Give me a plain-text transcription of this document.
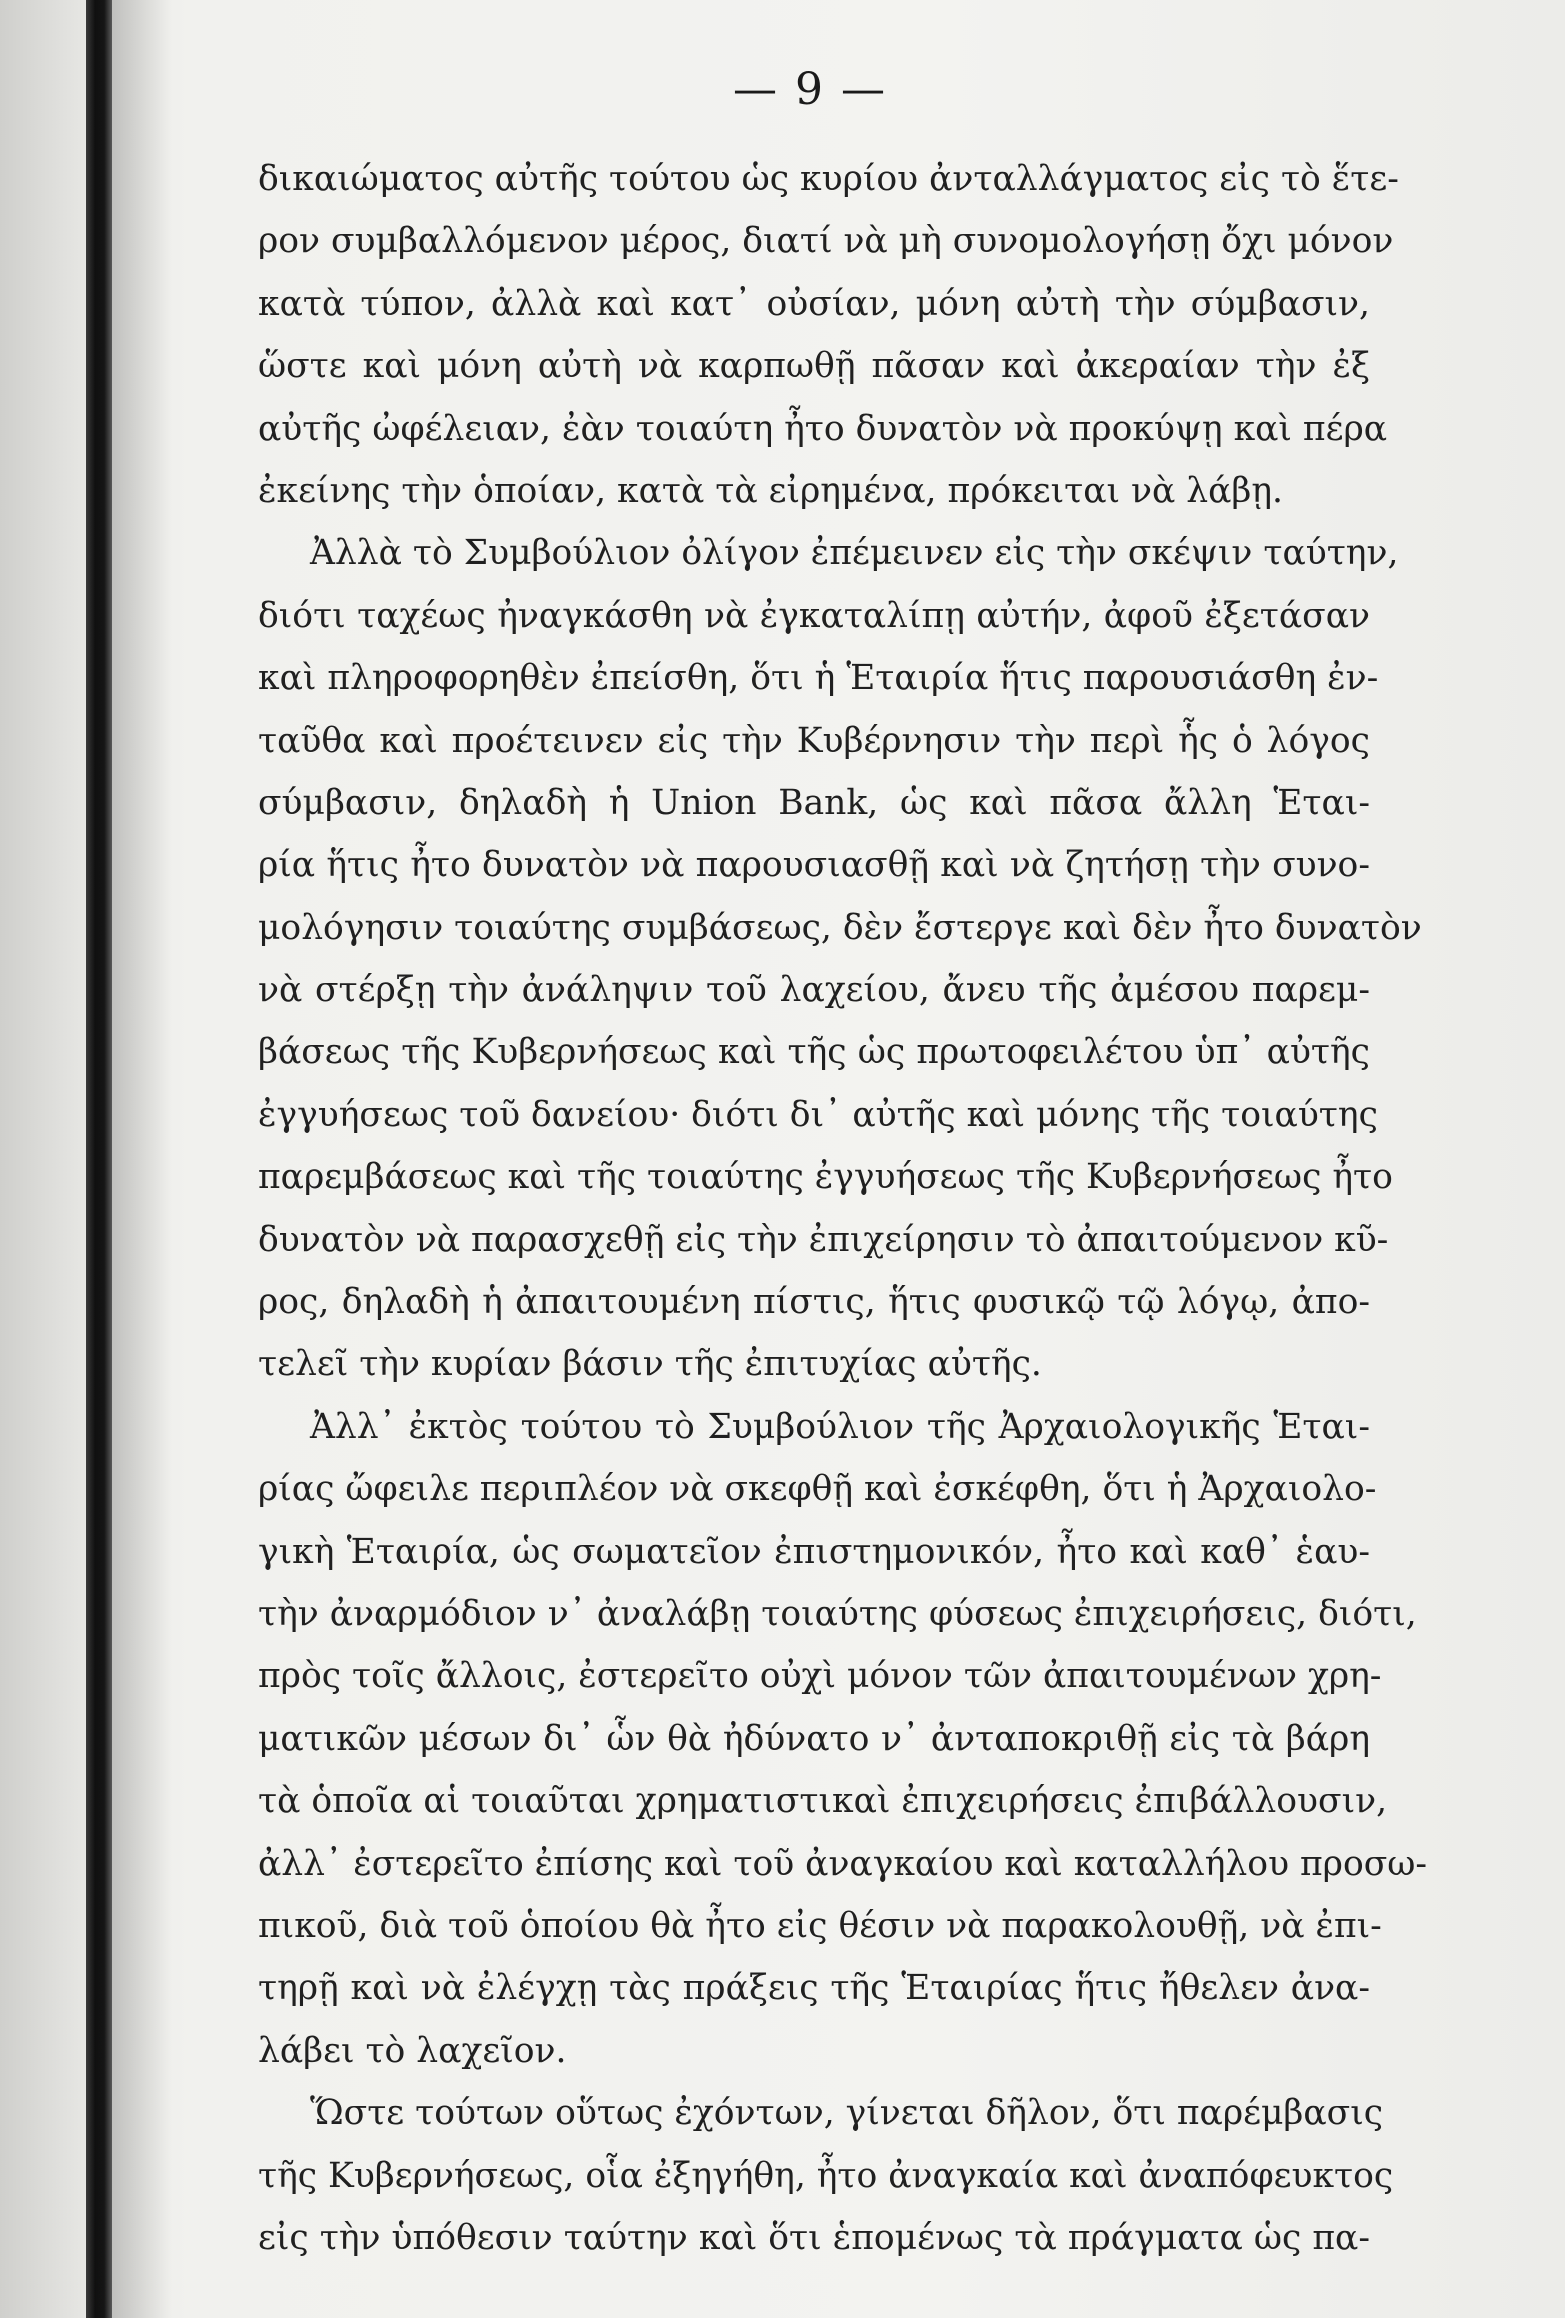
— 9 —
δικαιώματος αὐτῆς τούτου ὡς κυρίου ἀνταλλάγματος εἰς τὸ ἕτε-
ρον συμβαλλόμενον μέρος, διατί νὰ μὴ συνομολογήσῃ ὄχι μόνον
κατὰ τύπον, ἀλλὰ καὶ κατ᾽ οὐσίαν, μόνη αὐτὴ τὴν σύμβασιν,
ὥστε καὶ μόνη αὐτὴ νὰ καρπωθῇ πᾶσαν καὶ ἀκεραίαν τὴν ἐξ
αὐτῆς ὠφέλειαν, ἐὰν τοιαύτη ἦτο δυνατὸν νὰ προκύψῃ καὶ πέρα
ἐκείνης τὴν ὁποίαν, κατὰ τὰ εἰρημένα, πρόκειται νὰ λάβῃ.
Ἀλλὰ τὸ Συμβούλιον ὀλίγον ἐπέμεινεν εἰς τὴν σκέψιν ταύτην,
διότι ταχέως ἠναγκάσθη νὰ ἐγκαταλίπῃ αὐτήν, ἀφοῦ ἐξετάσαν
καὶ πληροφορηθὲν ἐπείσθη, ὅτι ἡ Ἑταιρία ἥτις παρουσιάσθη ἐν-
ταῦθα καὶ προέτεινεν εἰς τὴν Κυβέρνησιν τὴν περὶ ἧς ὁ λόγος
σύμβασιν, δηλαδὴ ἡ Union Bank, ὡς καὶ πᾶσα ἄλλη Ἑται-
ρία ἥτις ἦτο δυνατὸν νὰ παρουσιασθῇ καὶ νὰ ζητήσῃ τὴν συνο-
μολόγησιν τοιαύτης συμβάσεως, δὲν ἔστεργε καὶ δὲν ἦτο δυνατὸν
νὰ στέρξῃ τὴν ἀνάληψιν τοῦ λαχείου, ἄνευ τῆς ἀμέσου παρεμ-
βάσεως τῆς Κυβερνήσεως καὶ τῆς ὡς πρωτοφειλέτου ὑπ᾽ αὐτῆς
ἐγγυήσεως τοῦ δανείου· διότι δι᾽ αὐτῆς καὶ μόνης τῆς τοιαύτης
παρεμβάσεως καὶ τῆς τοιαύτης ἐγγυήσεως τῆς Κυβερνήσεως ἦτο
δυνατὸν νὰ παρασχεθῇ εἰς τὴν ἐπιχείρησιν τὸ ἀπαιτούμενον κῦ-
ρος, δηλαδὴ ἡ ἀπαιτουμένη πίστις, ἥτις φυσικῷ τῷ λόγῳ, ἀπο-
τελεῖ τὴν κυρίαν βάσιν τῆς ἐπιτυχίας αὐτῆς.
Ἀλλ᾽ ἐκτὸς τούτου τὸ Συμβούλιον τῆς Ἀρχαιολογικῆς Ἑται-
ρίας ὤφειλε περιπλέον νὰ σκεφθῇ καὶ ἐσκέφθη, ὅτι ἡ Ἀρχαιολο-
γικὴ Ἑταιρία, ὡς σωματεῖον ἐπιστημονικόν, ἦτο καὶ καθ᾽ ἑαυ-
τὴν ἀναρμόδιον ν᾽ ἀναλάβῃ τοιαύτης φύσεως ἐπιχειρήσεις, διότι,
πρὸς τοῖς ἄλλοις, ἐστερεῖτο οὐχὶ μόνον τῶν ἀπαιτουμένων χρη-
ματικῶν μέσων δι᾽ ὧν θὰ ἠδύνατο ν᾽ ἀνταποκριθῇ εἰς τὰ βάρη
τὰ ὁποῖα αἱ τοιαῦται χρηματιστικαὶ ἐπιχειρήσεις ἐπιβάλλουσιν,
ἀλλ᾽ ἐστερεῖτο ἐπίσης καὶ τοῦ ἀναγκαίου καὶ καταλλήλου προσω-
πικοῦ, διὰ τοῦ ὁποίου θὰ ἦτο εἰς θέσιν νὰ παρακολουθῇ, νὰ ἐπι-
τηρῇ καὶ νὰ ἐλέγχῃ τὰς πράξεις τῆς Ἑταιρίας ἥτις ἤθελεν ἀνα-
λάβει τὸ λαχεῖον.
Ὥστε τούτων οὕτως ἐχόντων, γίνεται δῆλον, ὅτι παρέμβασις
τῆς Κυβερνήσεως, οἷα ἐξηγήθη, ἦτο ἀναγκαία καὶ ἀναπόφευκτος
εἰς τὴν ὑπόθεσιν ταύτην καὶ ὅτι ἑπομένως τὰ πράγματα ὡς πα-
